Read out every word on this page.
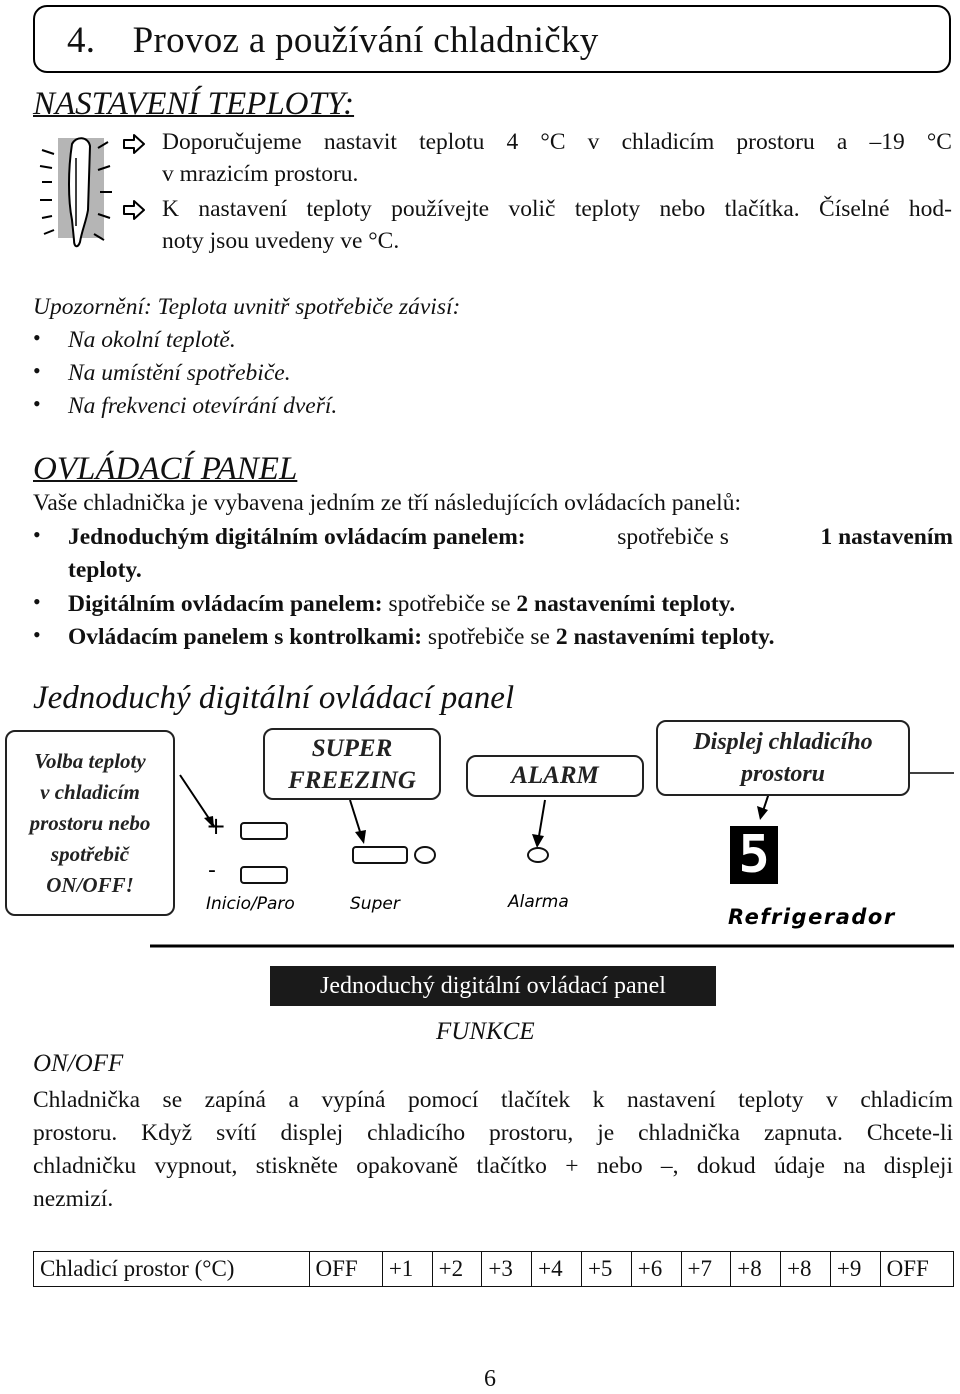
4. Provoz a používání chladničky
NASTAVENÍ TEPLOTY:
Doporučujeme nastavit teplotu 4 °C v chladicím prostoru a –19 °C
v mrazicím prostoru.
K nastavení teploty používejte volič teploty nebo tlačítka. Číselné hod-
noty jsou uvedeny ve °C.
Upozornění: Teplota uvnitř spotřebiče závisí:
• Na okolní teplotě.
• Na umístění spotřebiče.
• Na frekvenci otevírání dveří.
OVLÁDACÍ PANEL
Vaše chladnička je vybavena jedním ze tří následujících ovládacích panelů:
• Jednoduchým digitálním ovládacím panelem:	spotřebiče s	1 nastavením
teploty.
• Digitálním ovládacím panelem: spotřebiče se 2 nastaveními teploty.
• Ovládacím panelem s kontrolkami: spotřebiče se 2 nastaveními teploty.
Jednoduchý digitální ovládací panel
Volba teploty
v chladicím
prostoru nebo
spotřebič
ON/OFF!
SUPER
FREEZING	ALARM
Displej chladicího
prostoru
+
-
Inicio/Paro	Super	Alarma
5
Refrigerador
Jednoduchý digitální ovládací panel
FUNKCE
ON/OFF
Chladnička se zapíná a vypíná pomocí tlačítek k nastavení teploty v chladicím
prostoru. Když svítí displej chladicího prostoru, je chladnička zapnuta. Chcete-li
chladničku vypnout, stiskněte opakovaně tlačítko + nebo –, dokud údaje na displeji
nezmizí.
Chladicí prostor (°C)	OFF	+1	+2	+3	+4	+5	+6	+7	+8	+8	+9	OFF
6
